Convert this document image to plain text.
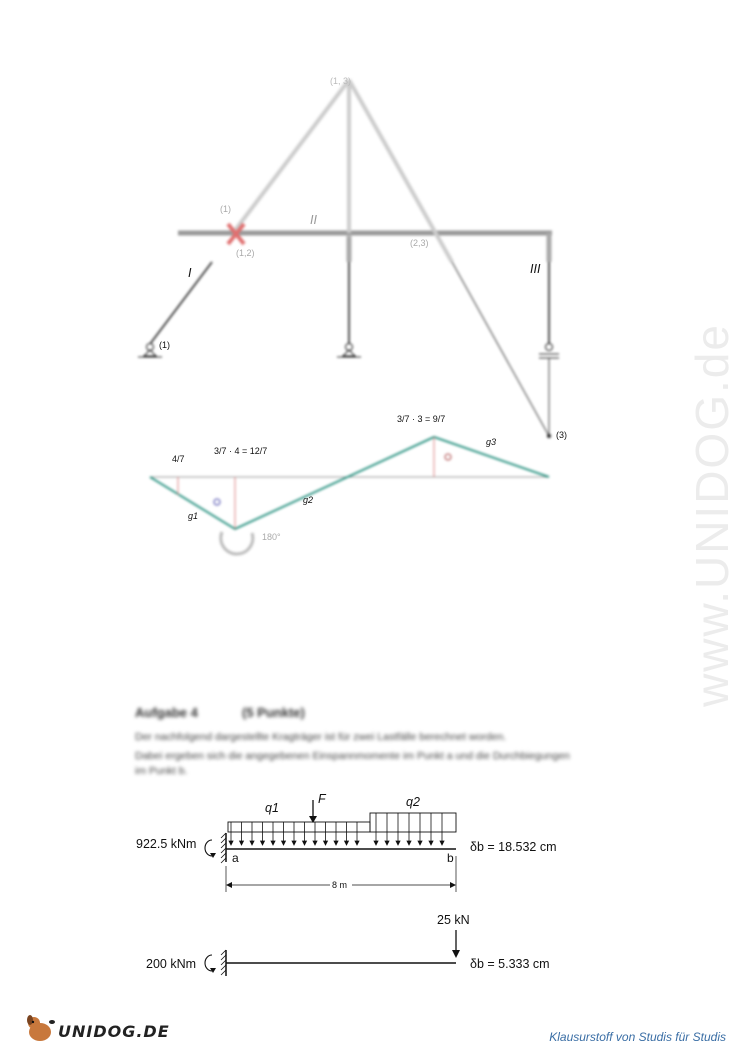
www.UNIDOG.de
(1, 3)
(1)
(1,2)
(2,3)
II
I	III
(1)
(3)
4/7
3/7 · 4 = 12/7
3/7 · 3 = 9/7
g1
g2
g3
180°
Aufgabe 4	(5 Punkte)
Der nachfolgend dargestellte Kragträger ist für zwei Lastfälle berechnet worden.
Dabei ergeben sich die angegebenen Einspannmomente im Punkt a und die Durchbiegungen
im Punkt b.
922.5 kNm
q1
F	q2
a	b
δb = 18.532 cm
8 m
200 kNm
25 kN
δb = 5.333 cm
UNIDOG.DE	Klausurstoff von Studis für Studis
